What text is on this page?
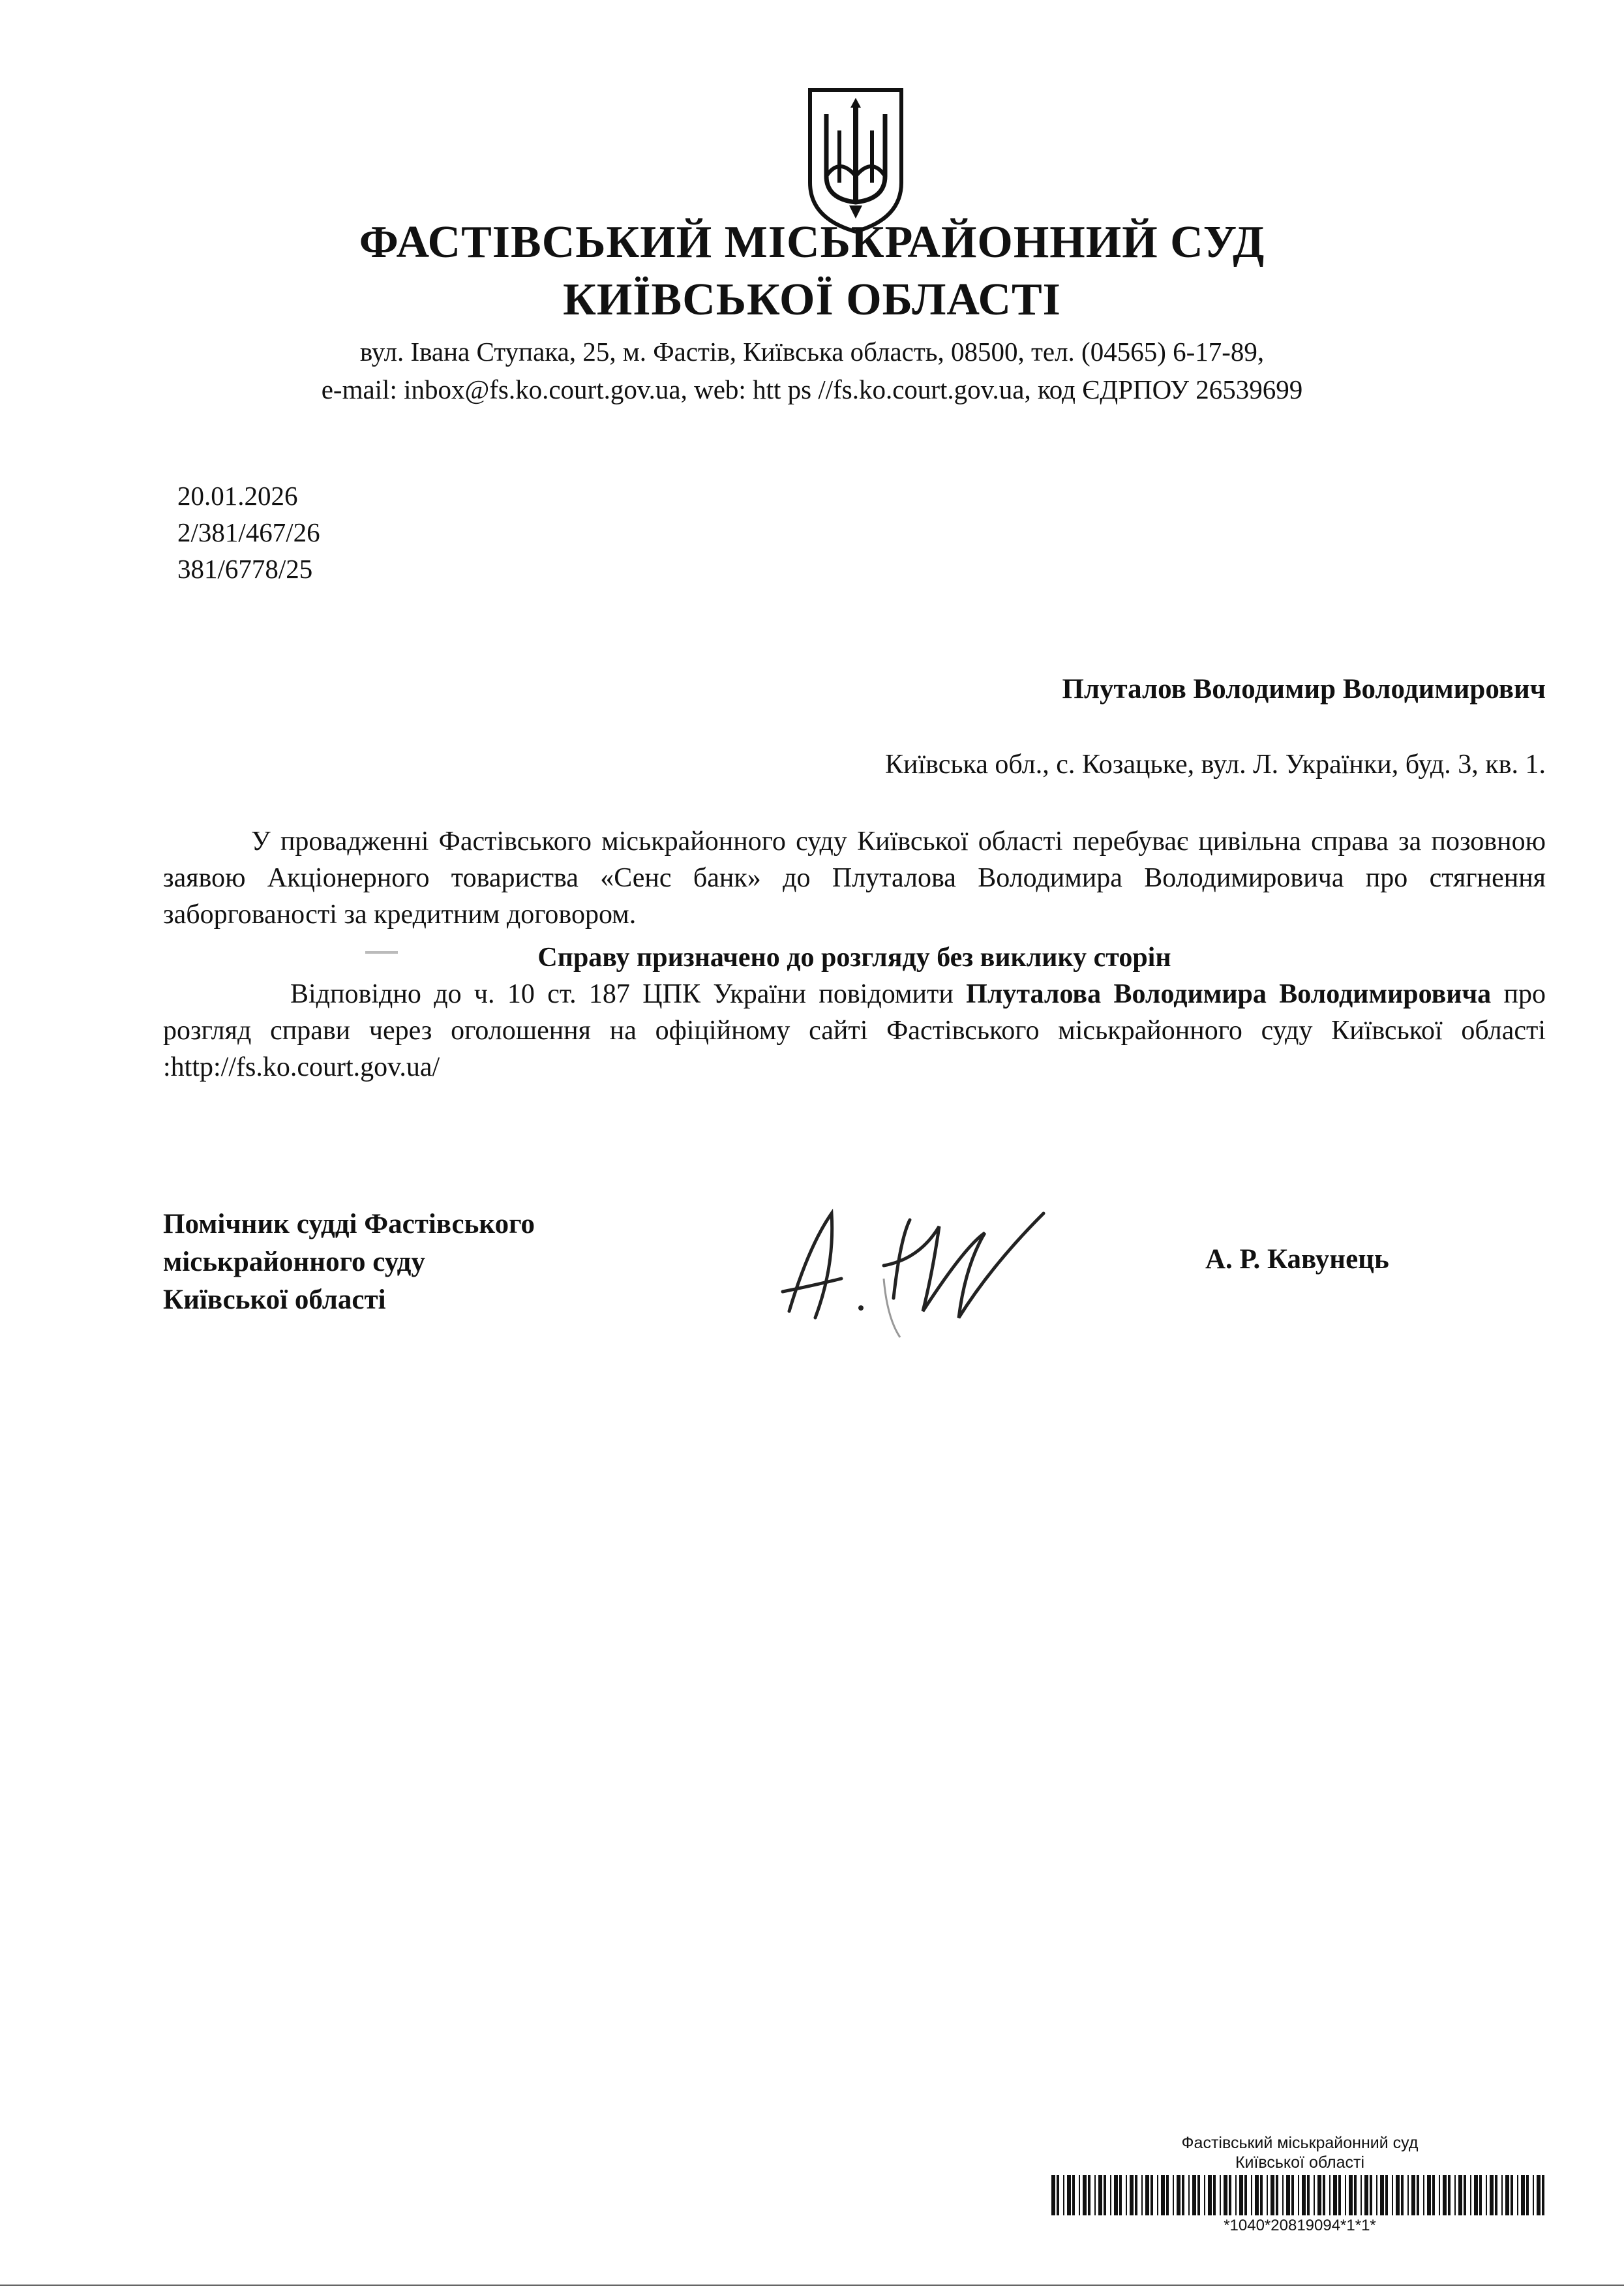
ФАСТІВСЬКИЙ МІСЬКРАЙОННИЙ СУД
КИЇВСЬКОЇ ОБЛАСТІ
вул. Івана Ступака, 25, м. Фастів, Київська область, 08500, тел. (04565) 6-17-89,
e-mail: inbox@fs.ko.court.gov.ua, web: htt ps //fs.ko.court.gov.ua, код ЄДРПОУ 26539699
20.01.2026
2/381/467/26
381/6778/25
Плуталов Володимир Володимирович
Київська обл., с. Козацьке, вул. Л. Українки, буд. 3, кв. 1.
У провадженні Фастівського міськрайонного суду Київської області перебуває цивільна справа за позовною заявою Акціонерного товариства «Сенс банк» до Плуталова Володимира Володимировича про стягнення заборгованості за кредитним договором.
Справу призначено до розгляду без виклику сторін
Відповідно до ч. 10 ст. 187 ЦПК України повідомити Плуталова Володимира Володимировича про розгляд справи через оголошення на офіційному сайті Фастівського міськрайонного суду Київської області :http://fs.ko.court.gov.ua/
Помічник судді Фастівського
міськрайонного суду
Київської області
А. Р. Кавунець
Фастівський міськрайонний суд
Київської області
*1040*20819094*1*1*
